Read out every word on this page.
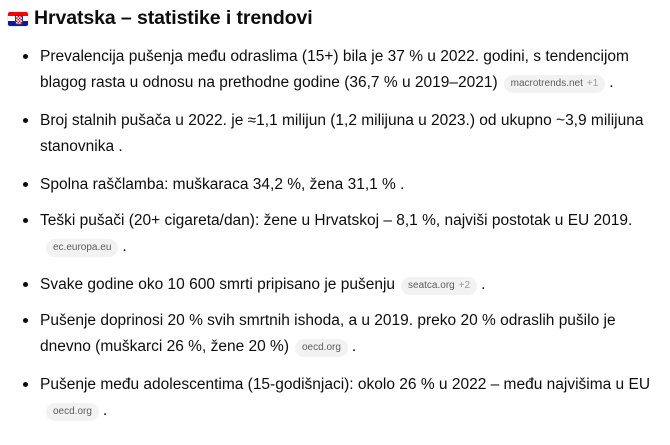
Hrvatska – statistike i trendovi
Prevalencija pušenja među odraslima (15+) bila je 37 % u 2022. godini, s tendencijom blagog rasta u odnosu na prethodne godine (36,7 % u 2019–2021) macrotrends.net +1 .
Broj stalnih pušača u 2022. je ≈1,1 milijun (1,2 milijuna u 2023.) od ukupno ~3,9 milijuna stanovnika .
Spolna raščlamba: muškaraca 34,2 %, žena 31,1 % .
Teški pušači (20+ cigareta/dan): žene u Hrvatskoj – 8,1 %, najviši postotak u EU 2019.
ec.europa.eu .
Svake godine oko 10 600 smrti pripisano je pušenju seatca.org +2 .
Pušenje doprinosi 20 % svih smrtnih ishoda, a u 2019. preko 20 % odraslih pušilo je dnevno (muškarci 26 %, žene 20 %) oecd.org .
Pušenje među adolescentima (15-godišnjaci): okolo 26 % u 2022 – među najvišima u EU
oecd.org .
